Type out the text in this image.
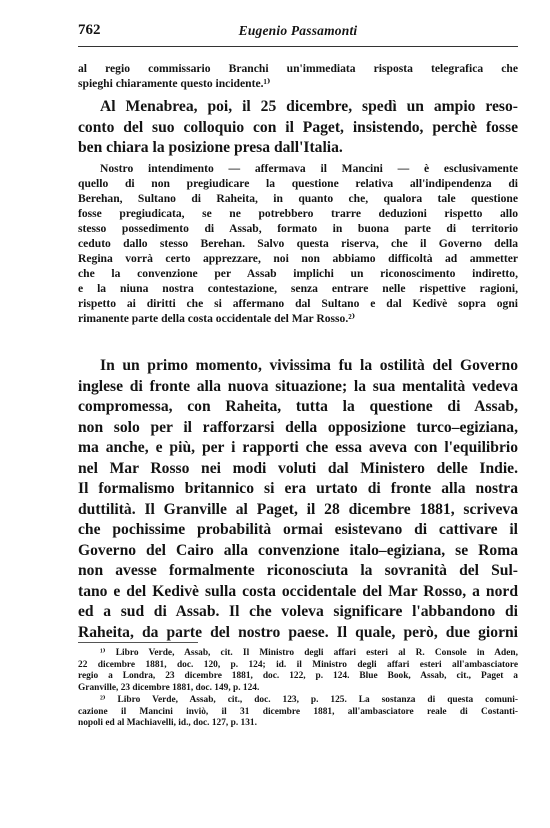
762	Eugenio Passamonti
al regio commissario Branchi un'immediata risposta telegrafica che
spieghi chiaramente questo incidente.¹⁾
Al Menabrea, poi, il 25 dicembre, spedì un ampio reso-
conto del suo colloquio con il Paget, insistendo, perchè fosse
ben chiara la posizione presa dall'Italia.
Nostro intendimento — affermava il Mancini — è esclusivamente
quello di non pregiudicare la questione relativa all'indipendenza di
Berehan, Sultano di Raheita, in quanto che, qualora tale questione
fosse pregiudicata, se ne potrebbero trarre deduzioni rispetto allo
stesso possedimento di Assab, formato in buona parte di territorio
ceduto dallo stesso Berehan. Salvo questa riserva, che il Governo della
Regina vorrà certo apprezzare, noi non abbiamo difficoltà ad ammetter
che la convenzione per Assab implichi un riconoscimento indiretto,
e la niuna nostra contestazione, senza entrare nelle rispettive ragioni,
rispetto ai diritti che si affermano dal Sultano e dal Kedivè sopra ogni
rimanente parte della costa occidentale del Mar Rosso.²⁾
In un primo momento, vivissima fu la ostilità del Governo
inglese di fronte alla nuova situazione; la sua mentalità vedeva
compromessa, con Raheita, tutta la questione di Assab,
non solo per il rafforzarsi della opposizione turco–egiziana,
ma anche, e più, per i rapporti che essa aveva con l'equilibrio
nel Mar Rosso nei modi voluti dal Ministero delle Indie.
Il formalismo britannico si era urtato di fronte alla nostra
duttilità. Il Granville al Paget, il 28 dicembre 1881, scriveva
che pochissime probabilità ormai esistevano di cattivare il
Governo del Cairo alla convenzione italo–egiziana, se Roma
non avesse formalmente riconosciuta la sovranità del Sul-
tano e del Kedivè sulla costa occidentale del Mar Rosso, a nord
ed a sud di Assab. Il che voleva significare l'abbandono di
Raheita, da parte del nostro paese. Il quale, però, due giorni
¹⁾ Libro Verde, Assab, cit. Il Ministro degli affari esteri al R. Console in Aden,
22 dicembre 1881, doc. 120, p. 124; id. il Ministro degli affari esteri all'ambasciatore
regio a Londra, 23 dicembre 1881, doc. 122, p. 124. Blue Book, Assab, cit., Paget a
Granville, 23 dicembre 1881, doc. 149, p. 124.
²⁾ Libro Verde, Assab, cit., doc. 123, p. 125. La sostanza di questa comuni-
cazione il Mancini inviò, il 31 dicembre 1881, all'ambasciatore reale di Costanti-
nopoli ed al Machiavelli, id., doc. 127, p. 131.
